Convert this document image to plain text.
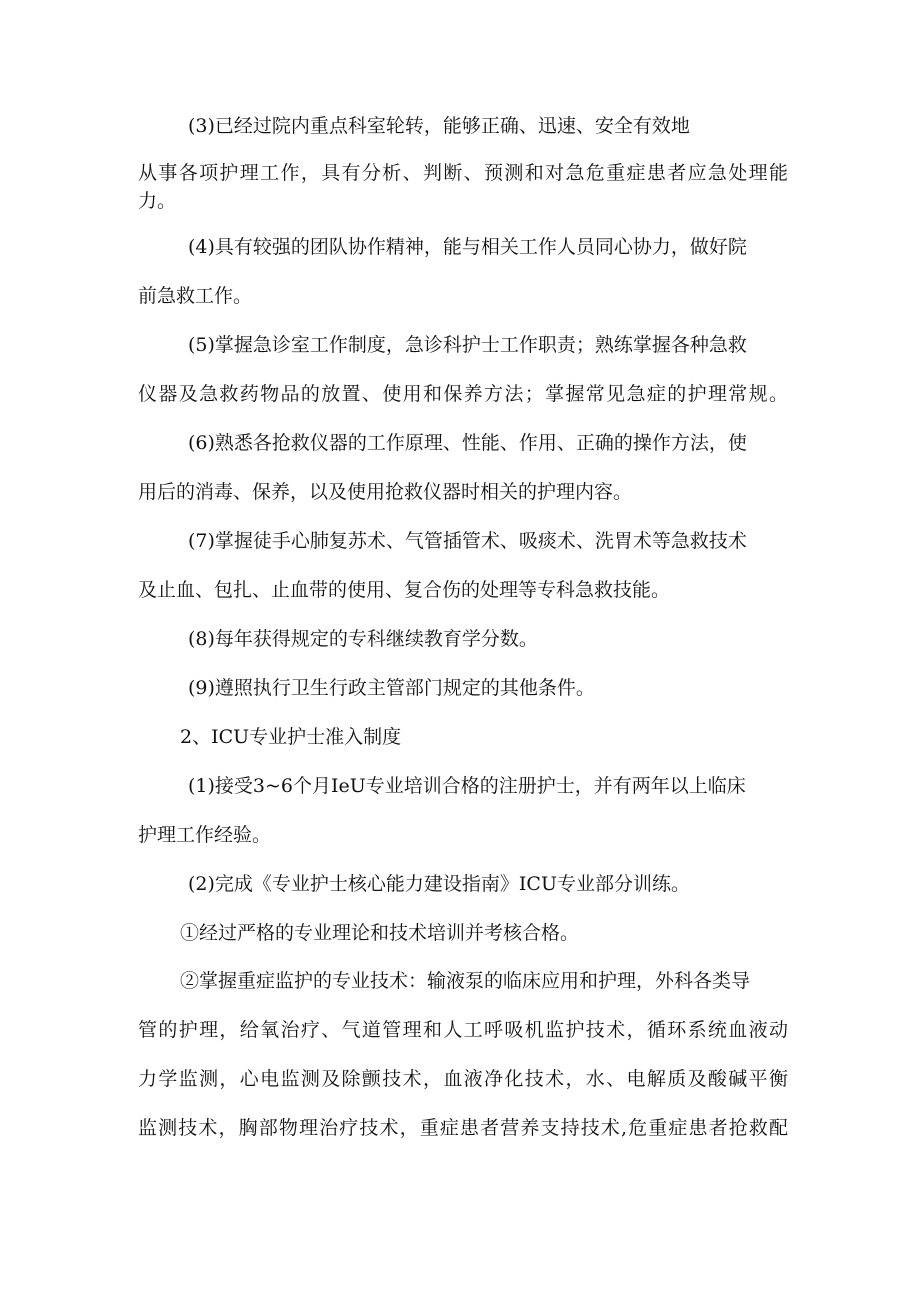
(3)已经过院内重点科室轮转，能够正确、迅速、安全有效地
从事各项护理工作，具有分析、判断、预测和对急危重症患者应急处理能
力。
(4)具有较强的团队协作精神，能与相关工作人员同心协力，做好院
前急救工作。
(5)掌握急诊室工作制度，急诊科护士工作职责；熟练掌握各种急救
仪器及急救药物品的放置、使用和保养方法；掌握常见急症的护理常规。
(6)熟悉各抢救仪器的工作原理、性能、作用、正确的操作方法，使
用后的消毒、保养，以及使用抢救仪器时相关的护理内容。
(7)掌握徒手心肺复苏术、气管插管术、吸痰术、洗胃术等急救技术
及止血、包扎、止血带的使用、复合伤的处理等专科急救技能。
(8)每年获得规定的专科继续教育学分数。
(9)遵照执行卫生行政主管部门规定的其他条件。
2、ICU专业护士准入制度
(1)接受3~6个月IeU专业培训合格的注册护士，并有两年以上临床
护理工作经验。
(2)完成《专业护士核心能力建设指南》ICU专业部分训练。
①经过严格的专业理论和技术培训并考核合格。
②掌握重症监护的专业技术：输液泵的临床应用和护理，外科各类导
管的护理，给氧治疗、气道管理和人工呼吸机监护技术，循环系统血液动
力学监测，心电监测及除颤技术，血液净化技术，水、电解质及酸碱平衡
监测技术，胸部物理治疗技术，重症患者营养支持技术,危重症患者抢救配
